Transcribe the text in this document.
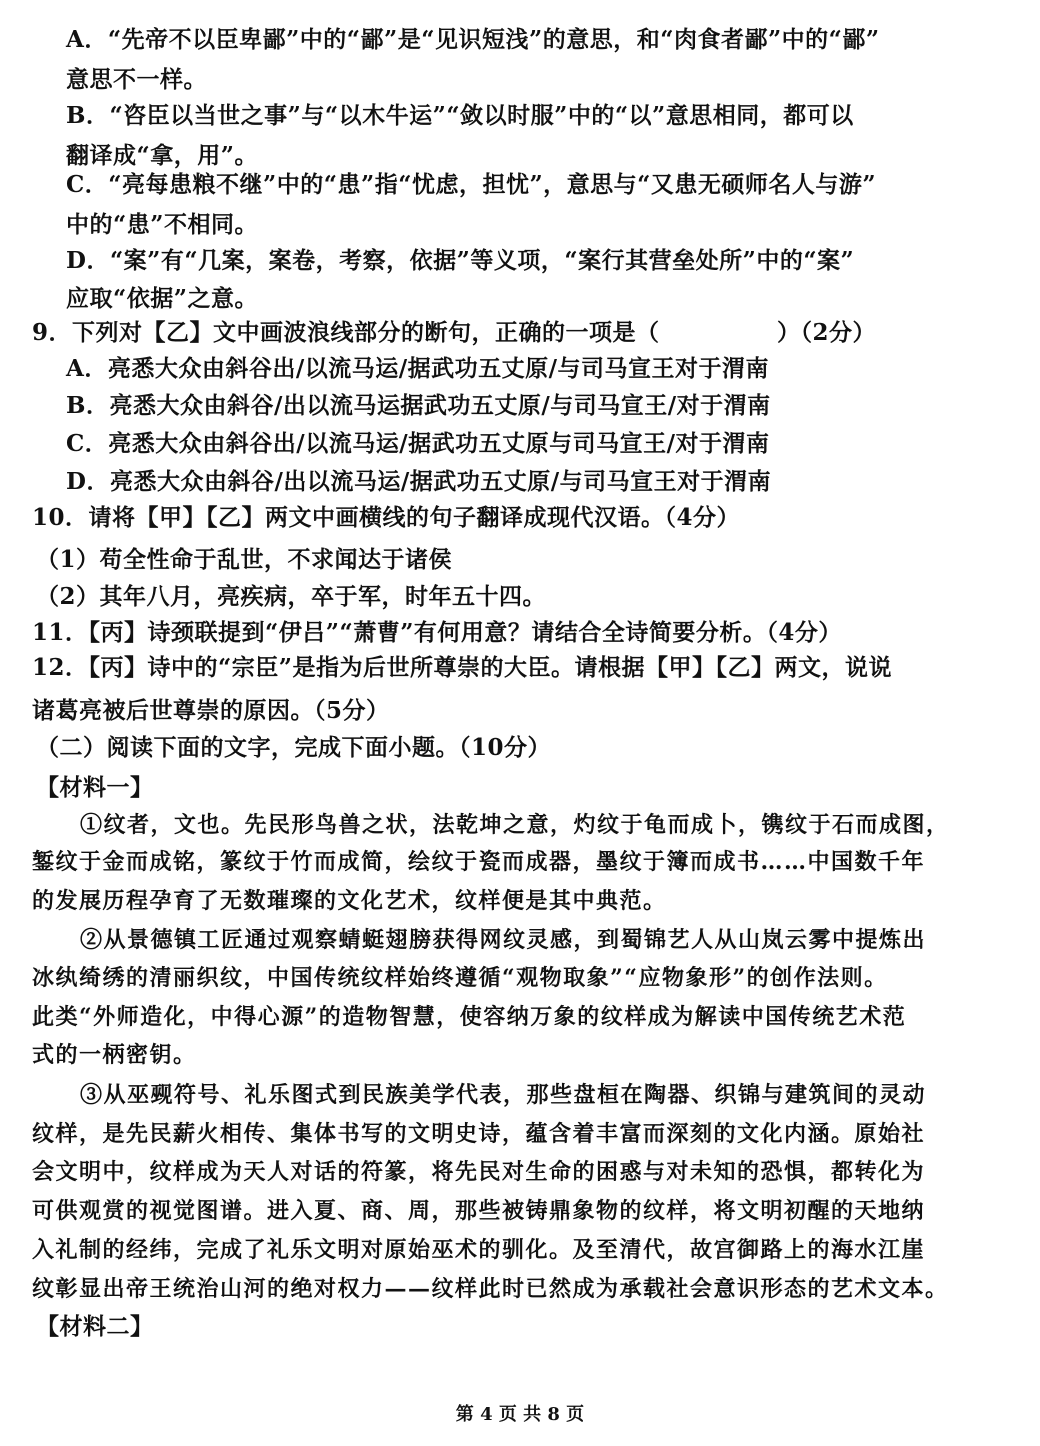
A．“先帝不以臣卑鄙”中的“鄙”是“见识短浅”的意思，和“肉食者鄙”中的“鄙”
意思不一样。
B．“咨臣以当世之事”与“以木牛运”“敛以时服”中的“以”意思相同，都可以
翻译成“拿，用”。
C．“亮每患粮不继”中的“患”指“忧虑，担忧”，意思与“又患无硕师名人与游”
中的“患”不相同。
D．“案”有“几案，案卷，考察，依据”等义项，“案行其营垒处所”中的“案”
应取“依据”之意。
9．下列对【乙】文中画波浪线部分的断句，正确的一项是（　　　　　）（2分）
A．亮悉大众由斜谷出/以流马运/据武功五丈原/与司马宣王对于渭南
B．亮悉大众由斜谷/出以流马运据武功五丈原/与司马宣王/对于渭南
C．亮悉大众由斜谷出/以流马运/据武功五丈原与司马宣王/对于渭南
D．亮悉大众由斜谷/出以流马运/据武功五丈原/与司马宣王对于渭南
10．请将【甲】【乙】两文中画横线的句子翻译成现代汉语。（4分）
（1）苟全性命于乱世，不求闻达于诸侯
（2）其年八月，亮疾病，卒于军，时年五十四。
11．【丙】诗颈联提到“伊吕”“萧曹”有何用意？请结合全诗简要分析。（4分）
12．【丙】诗中的“宗臣”是指为后世所尊崇的大臣。请根据【甲】【乙】两文，说说
诸葛亮被后世尊崇的原因。（5分）
（二）阅读下面的文字，完成下面小题。（10分）
【材料一】
①纹者，文也。先民形鸟兽之状，法乾坤之意，灼纹于龟而成卜，镌纹于石而成图，
錾纹于金而成铭，篆纹于竹而成简，绘纹于瓷而成器，墨纹于簿而成书……中国数千年
的发展历程孕育了无数璀璨的文化艺术，纹样便是其中典范。
②从景德镇工匠通过观察蜻蜓翅膀获得网纹灵感，到蜀锦艺人从山岚云雾中提炼出
冰纨绮绣的清丽织纹，中国传统纹样始终遵循“观物取象”“应物象形”的创作法则。
此类“外师造化，中得心源”的造物智慧，使容纳万象的纹样成为解读中国传统艺术范
式的一柄密钥。
③从巫觋符号、礼乐图式到民族美学代表，那些盘桓在陶器、织锦与建筑间的灵动
纹样，是先民薪火相传、集体书写的文明史诗，蕴含着丰富而深刻的文化内涵。原始社
会文明中，纹样成为天人对话的符篆，将先民对生命的困惑与对未知的恐惧，都转化为
可供观赏的视觉图谱。进入夏、商、周，那些被铸鼎象物的纹样，将文明初醒的天地纳
入礼制的经纬，完成了礼乐文明对原始巫术的驯化。及至清代，故宫御路上的海水江崖
纹彰显出帝王统治山河的绝对权力——纹样此时已然成为承载社会意识形态的艺术文本。
【材料二】
第 4 页 共 8 页
